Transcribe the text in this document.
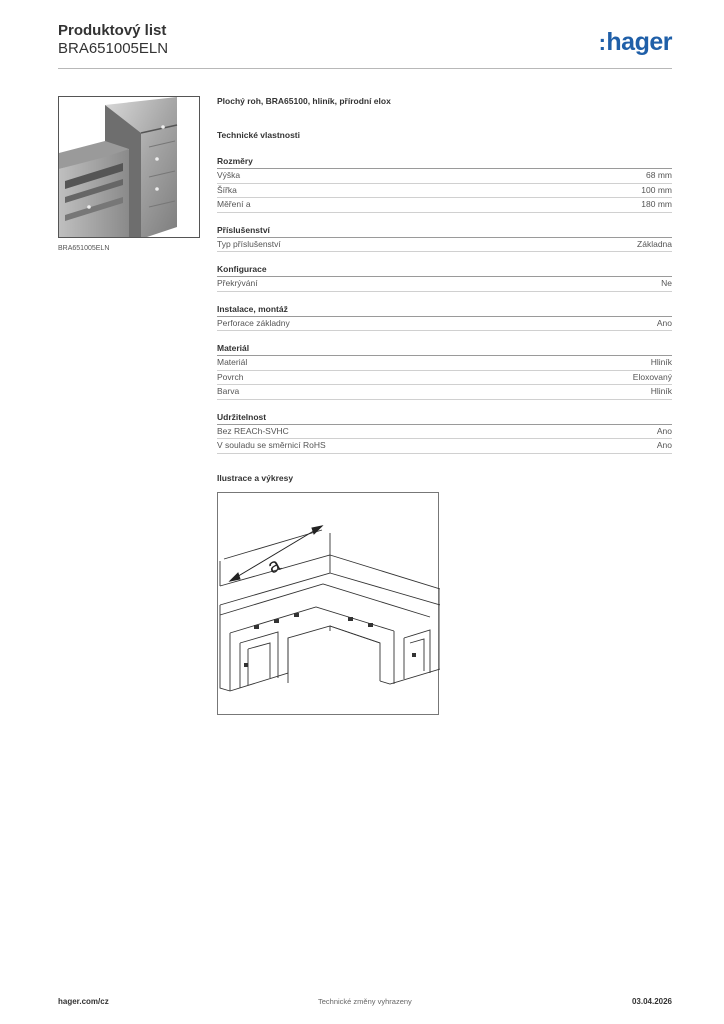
Produktový list
BRA651005ELN	:hager
BRA651005ELN
Plochý roh, BRA65100, hliník, přírodní elox
Technické vlastnosti
Rozměry
Výška	68 mm
Šířka	100 mm
Měření a	180 mm
Příslušenství
Typ příslušenství	Základna
Konfigurace
Překrývání	Ne
Instalace, montáž
Perforace základny	Ano
Materiál
Materiál	Hliník
Povrch	Eloxovaný
Barva	Hliník
Udržitelnost
Bez REACh-SVHC	Ano
V souladu se směrnicí RoHS	Ano
Ilustrace a výkresy
a
hager.com/cz	Technické změny vyhrazeny	03.04.2026
